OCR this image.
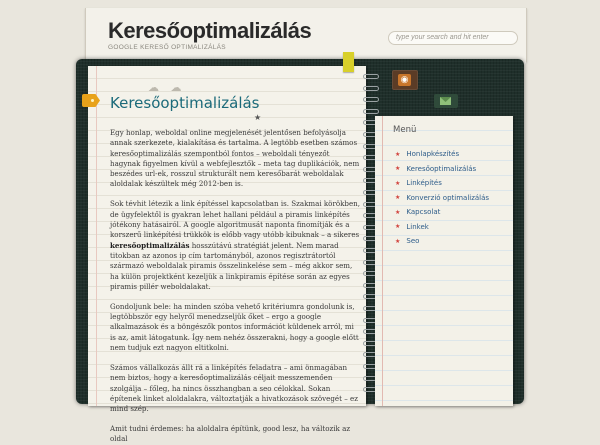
Keresőoptimalizálás
GOOGLE KERESŐ OPTIMALIZÁLÁS
type your search and hit enter
◉
☁ ☁
Keresőoptimalizálás
★

Egy honlap, weboldal online megjelenését jelentősen befolyásolja annak szerkezete, kialakítása és tartalma. A legtöbb esetben számos keresőoptimalizálás szempontból fontos – weboldali tényezőt hagynak figyelmen kívül a webfejlesztők – meta tag duplikációk, nem beszédes url-ek, rosszul strukturált nem keresőbarát weboldalak aloldalak készültek még 2012-ben is.

Sok tévhit létezik a link építéssel kapcsolatban is. Szakmai körökben, de ügyfelektől is gyakran lehet hallani például a piramis linképítés jótékony hatásairól. A google algoritmusát naponta finomítják és a korszerű linképítési trükkök is előbb vagy utóbb kibuknak – a sikeres keresőoptimalizálás hosszútávú stratégiát jelent. Nem marad titokban az azonos ip cím tartományból, azonos regisztrátortól származó weboldalak piramis összelinkelése sem – még akkor sem, ha külön projektként kezeljük a linkpiramis építése során az egyes piramis pillér weboldalakat.

Gondoljunk bele: ha minden szóba vehető kritériumra gondolunk is, legtöbbször egy helyről menedzseljük őket – ergo a google alkalmazások és a böngészők pontos információt küldenek arról, mi is az, amit látogatunk. Így nem nehéz összerakni, hogy a google előtt nem tudjuk ezt nagyon eltitkolni.

Számos vállalkozás állt rá a linképítés feladatra – ami önmagában nem biztos, hogy a keresőoptimalizálás céljait messzemenően szolgálja – főleg, ha nincs összhangban a seo célokkal. Sokan építenek linket aloldalakra, változtatják a hivatkozások szövegét – ez mind szép.

Amit tudni érdemes: ha aloldalra építünk, good lesz, ha változik az oldal

Menü
★ Honlapkészítés
★ Keresőoptimalizálás
★ Linképítés
★ Konverzió optimalizálás
★ Kapcsolat
★ Linkek
★ Seo
